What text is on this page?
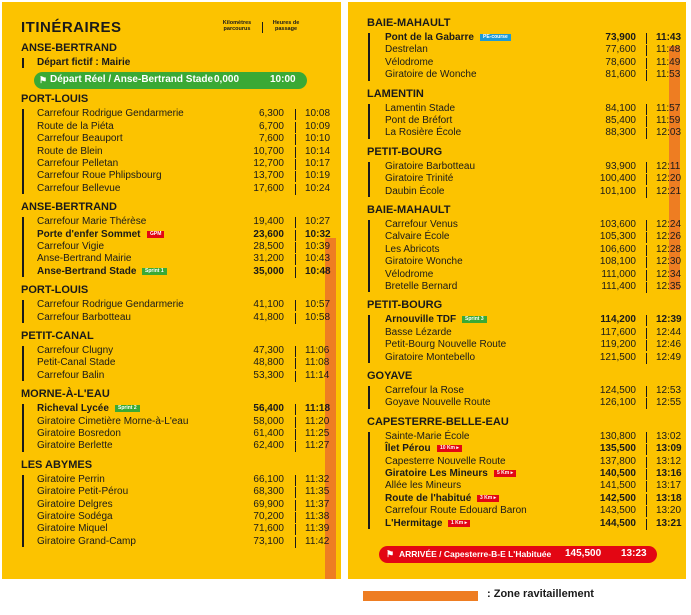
ITINÉRAIRES	Kilomètres parcourus
Heures de passage
ANSE-BERTRAND
Départ fictif : Mairie
PORT-LOUIS
Carrefour Rodrigue Gendarmerie	6,300 10:08
Route de la Piéta	6,700 10:09
Carrefour Beauport	7,600 10:10
Route de Blein	10,700 10:14
Carrefour Pelletan	12,700 10:17
Carrefour Roue Phlipsbourg	13,700 10:19
Carrefour Bellevue	17,600 10:24
ANSE-BERTRAND
Carrefour Marie Thérèse	19,400 10:27
Porte d'enfer Sommet	GPM	23,600 10:32
Carrefour Vigie	28,500 10:39
Anse-Bertrand Mairie	31,200 10:43
Anse-Bertrand Stade	Sprint 1	35,000 10:48
PORT-LOUIS
Carrefour Rodrigue Gendarmerie	41,100 10:57
Carrefour Barbotteau	41,800 10:58
PETIT-CANAL
Carrefour Clugny	47,300 11:06
Petit-Canal Stade	48,800 11:08
Carrefour Balin	53,300 11:14
MORNE-À-L'EAU
Richeval Lycée	Sprint 2	56,400 11:18
Giratoire Cimetière Morne-à-L'eau	58,000 11:20
Giratoire Bosredon	61,400 11:25
Giratoire Berlette	62,400 11:27
LES ABYMES
Giratoire Perrin	66,100 11:32
Giratoire Petit-Pérou	68,300 11:35
Giratoire Delgres	69,900 11:37
Giratoire Sodéga	70,200 11:38
Giratoire Miquel	71,600 11:39
Giratoire Grand-Camp	73,100 11:42
⚑ Départ Réel / Anse-Bertrand Stade 0,000	10:00
BAIE-MAHAULT
Pont de la Gabarre	PE-course	73,900 11:43
Destrelan	77,600 11:48
Vélodrome	78,600 11:49
Giratoire de Wonche	81,600 11:53
LAMENTIN
Lamentin Stade	84,100 11:57
Pont de Bréfort	85,400 11:59
La Rosière École	88,300 12:03
PETIT-BOURG
Giratoire Barbotteau	93,900 12:11
Giratoire Trinité	100,400 12:20
Daubin École	101,100 12:21
BAIE-MAHAULT
Carrefour Venus	103,600 12:24
Calvaire École	105,300 12:26
Les Abricots	106,600 12:28
Giratoire Wonche	108,100 12:30
Vélodrome	111,000 12:34
Bretelle Bernard	111,400 12:35
PETIT-BOURG
Arnouville TDF	Sprint 3	114,200 12:39
Basse Lézarde	117,600 12:44
Petit-Bourg Nouvelle Route	119,200 12:46
Giratoire Montebello	121,500 12:49
GOYAVE
Carrefour la Rose	124,500 12:53
Goyave Nouvelle Route	126,100 12:55
CAPESTERRE-BELLE-EAU
Sainte-Marie École	130,800 13:02
Îlet Pérou	10 Km ▸	135,500 13:09
Capesterre Nouvelle Route	137,800 13:12
Giratoire Les Mineurs	5 Km ▸	140,500 13:16
Allée les Mineurs	141,500 13:17
Route de l'habitué	3 Km ▸	142,500 13:18
Carrefour Route Edouard Baron	143,500 13:20
L'Hermitage	1 Km ▸	144,500 13:21
⚑ ARRIVÉE / Capesterre-B-E L'Habituée 145,500 13:23
: Zone ravitaillement
